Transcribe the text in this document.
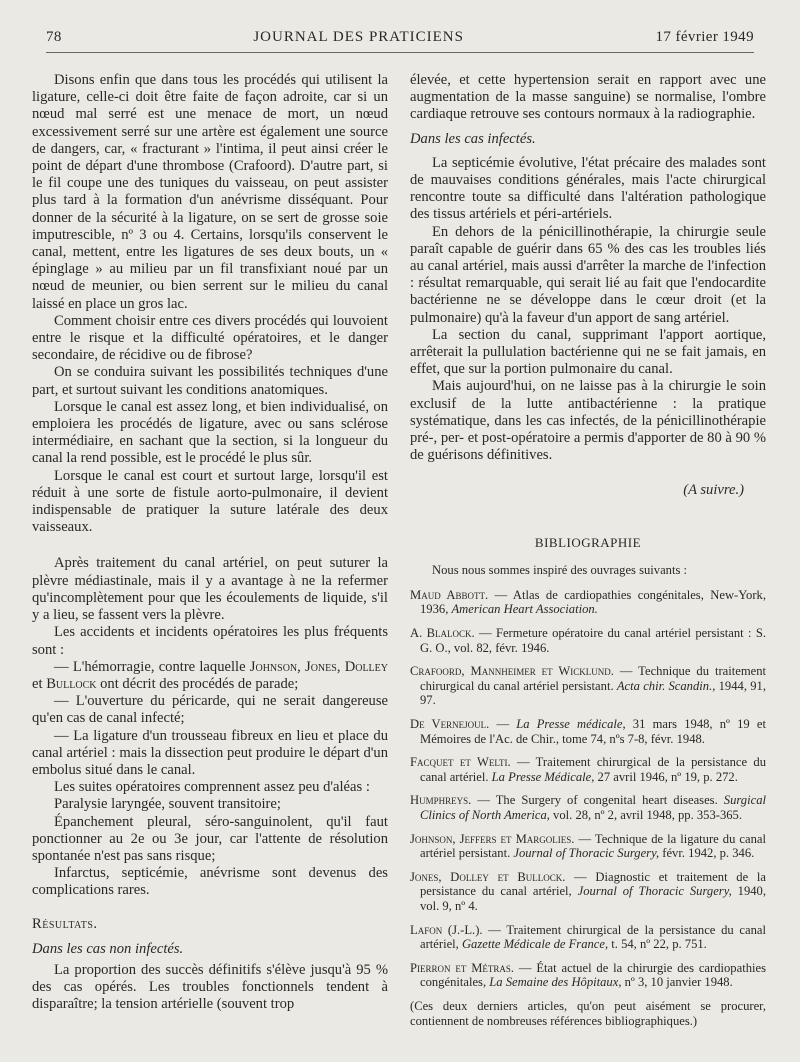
78	JOURNAL DES PRATICIENS	17 février 1949

Disons enfin que dans tous les procédés qui utilisent la ligature, celle-ci doit être faite de façon adroite, car si un nœud mal serré est une menace de mort, un nœud excessivement serré sur une artère est également une source de dangers, car, « fracturant » l'intima, il peut ainsi créer le point de départ d'une thrombose (Crafoord). D'autre part, si le fil coupe une des tuniques du vaisseau, on peut assister plus tard à la formation d'un anévrisme disséquant. Pour donner de la sécurité à la ligature, on se sert de grosse soie imputrescible, nº 3 ou 4. Certains, lorsqu'ils conservent le canal, mettent, entre les ligatures de ses deux bouts, un « épinglage » au milieu par un fil transfixiant noué par un nœud de meunier, ou bien serrent sur le milieu du canal laissé en place un gros lac.

Comment choisir entre ces divers procédés qui louvoient entre le risque et la difficulté opératoires, et le danger secondaire, de récidive ou de fibrose?

On se conduira suivant les possibilités techniques d'une part, et surtout suivant les conditions anatomiques.

Lorsque le canal est assez long, et bien individualisé, on emploiera les procédés de ligature, avec ou sans sclérose intermédiaire, en sachant que la section, si la longueur du canal la rend possible, est le procédé le plus sûr.

Lorsque le canal est court et surtout large, lorsqu'il est réduit à une sorte de fistule aorto-pulmonaire, il devient indispensable de pratiquer la suture latérale des deux vaisseaux.

Après traitement du canal artériel, on peut suturer la plèvre médiastinale, mais il y a avantage à ne la refermer qu'incomplètement pour que les écoulements de liquide, s'il y a lieu, se fassent vers la plèvre.

Les accidents et incidents opératoires les plus fréquents sont :

— L'hémorragie, contre laquelle Johnson, Jones, Dolley et Bullock ont décrit des procédés de parade;

— L'ouverture du péricarde, qui ne serait dangereuse qu'en cas de canal infecté;

— La ligature d'un trousseau fibreux en lieu et place du canal artériel : mais la dissection peut produire le départ d'un embolus situé dans le canal.

Les suites opératoires comprennent assez peu d'aléas :

Paralysie laryngée, souvent transitoire;

Épanchement pleural, séro-sanguinolent, qu'il faut ponctionner au 2e ou 3e jour, car l'attente de résolution spontanée n'est pas sans risque;

Infarctus, septicémie, anévrisme sont devenus des complications rares.

Résultats.

Dans les cas non infectés.

La proportion des succès définitifs s'élève jusqu'à 95 % des cas opérés. Les troubles fonctionnels tendent à disparaître; la tension artérielle (souvent trop

élevée, et cette hypertension serait en rapport avec une augmentation de la masse sanguine) se normalise, l'ombre cardiaque retrouve ses contours normaux à la radiographie.

Dans les cas infectés.

La septicémie évolutive, l'état précaire des malades sont de mauvaises conditions générales, mais l'acte chirurgical rencontre toute sa difficulté dans l'altération pathologique des tissus artériels et péri-artériels.

En dehors de la pénicillinothérapie, la chirurgie seule paraît capable de guérir dans 65 % des cas les troubles liés au canal artériel, mais aussi d'arrêter la marche de l'infection : résultat remarquable, qui serait lié au fait que l'endocardite bactérienne ne se développe dans le cœur droit (et la pulmonaire) qu'à la faveur d'un apport de sang artériel.

La section du canal, supprimant l'apport aortique, arrêterait la pullulation bactérienne qui ne se fait jamais, en effet, que sur la portion pulmonaire du canal.

Mais aujourd'hui, on ne laisse pas à la chirurgie le soin exclusif de la lutte antibactérienne : la pratique systématique, dans les cas infectés, de la pénicillinothérapie pré-, per- et post-opératoire a permis d'apporter de 80 à 90 % de guérisons définitives.

(A suivre.)

BIBLIOGRAPHIE

Nous nous sommes inspiré des ouvrages suivants :

Maud Abbott. — Atlas de cardiopathies congénitales, New-York, 1936, American Heart Association.

A. Blalock. — Fermeture opératoire du canal artériel persistant : S. G. O., vol. 82, févr. 1946.

Crafoord, Mannheimer et Wicklund. — Technique du traitement chirurgical du canal artériel persistant. Acta chir. Scandin., 1944, 91, 97.

De Vernejoul. — La Presse médicale, 31 mars 1948, nº 19 et Mémoires de l'Ac. de Chir., tome 74, nºs 7-8, févr. 1948.

Facquet et Welti. — Traitement chirurgical de la persistance du canal artériel. La Presse Médicale, 27 avril 1946, nº 19, p. 272.

Humphreys. — The Surgery of congenital heart diseases. Surgical Clinics of North America, vol. 28, nº 2, avril 1948, pp. 353-365.

Johnson, Jeffers et Margolies. — Technique de la ligature du canal artériel persistant. Journal of Thoracic Surgery, févr. 1942, p. 346.

Jones, Dolley et Bullock. — Diagnostic et traitement de la persistance du canal artériel, Journal of Thoracic Surgery, 1940, vol. 9, nº 4.

Lafon (J.-L.). — Traitement chirurgical de la persistance du canal artériel, Gazette Médicale de France, t. 54, nº 22, p. 751.

Pierron et Métras. — État actuel de la chirurgie des cardiopathies congénitales, La Semaine des Hôpitaux, nº 3, 10 janvier 1948.

(Ces deux derniers articles, qu'on peut aisément se procurer, contiennent de nombreuses références bibliographiques.)
